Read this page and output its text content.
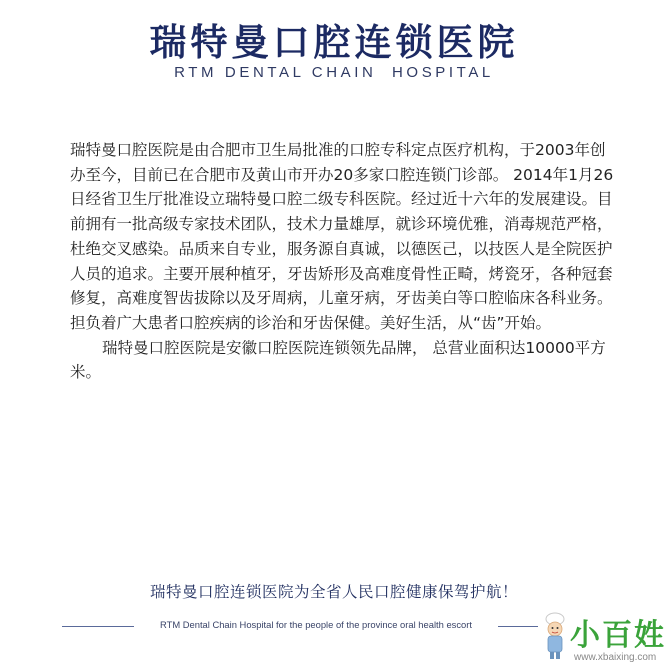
瑞特曼口腔连锁医院
RTM DENTAL CHAIN  HOSPITAL

瑞特曼口腔医院是由合肥市卫生局批准的口腔专科定点医疗机构，于2003年创办至今，目前已在合肥市及黄山市开办20多家口腔连锁门诊部。 2014年1月26日经省卫生厅批准设立瑞特曼口腔二级专科医院。经过近十六年的发展建设。目前拥有一批高级专家技术团队，技术力量雄厚，就诊环境优雅，消毒规范严格，杜绝交叉感染。品质来自专业，服务源自真诚，以德医己，以技医人是全院医护人员的追求。主要开展种植牙，牙齿矫形及高难度骨性正畸，烤瓷牙，各种冠套修复，高难度智齿拔除以及牙周病，儿童牙病，牙齿美白等口腔临床各科业务。担负着广大患者口腔疾病的诊治和牙齿保健。美好生活，从“齿”开始。

瑞特曼口腔医院是安徽口腔医院连锁领先品牌， 总营业面积达10000平方米。

瑞特曼口腔连锁医院为全省人民口腔健康保驾护航！
RTM Dental Chain Hospital for the people of the province oral health escort	小百姓
www.xbaixing.com
